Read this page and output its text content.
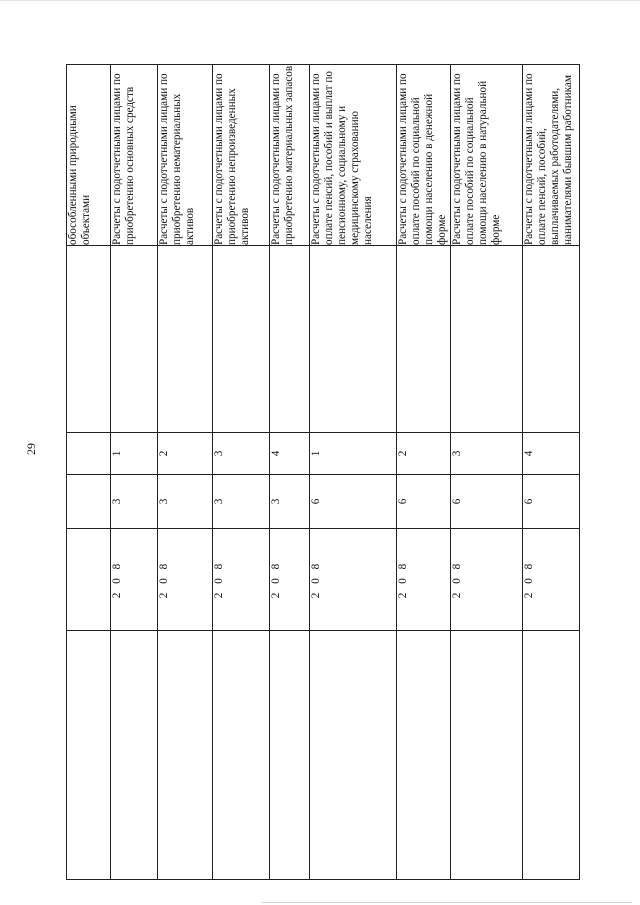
29

					обособленными природными объектами

	2 0 8	3	1		Расчеты с подотчетными лицами по приобретению основных средств

	2 0 8	3	2		Расчеты с подотчетными лицами по приобретению нематериальных активов

	2 0 8	3	3		Расчеты с подотчетными лицами по приобретению непроизведенных активов

	2 0 8	3	4		Расчеты с подотчетными лицами по приобретению материальных запасов

	2 0 8	6	1		Расчеты с подотчетными лицами по оплате пенсий, пособий и выплат по пенсионному, социальному и медицинскому страхованию населения

	2 0 8	6	2		Расчеты с подотчетными лицами по оплате пособий по социальной помощи населению в денежной форме

	2 0 8	6	3		Расчеты с подотчетными лицами по оплате пособий по социальной помощи населению в натуральной форме

	2 0 8	6	4		Расчеты с подотчетными лицами по оплате пенсий, пособий, выплачиваемых работодателями, нанимателями бывшим работникам
